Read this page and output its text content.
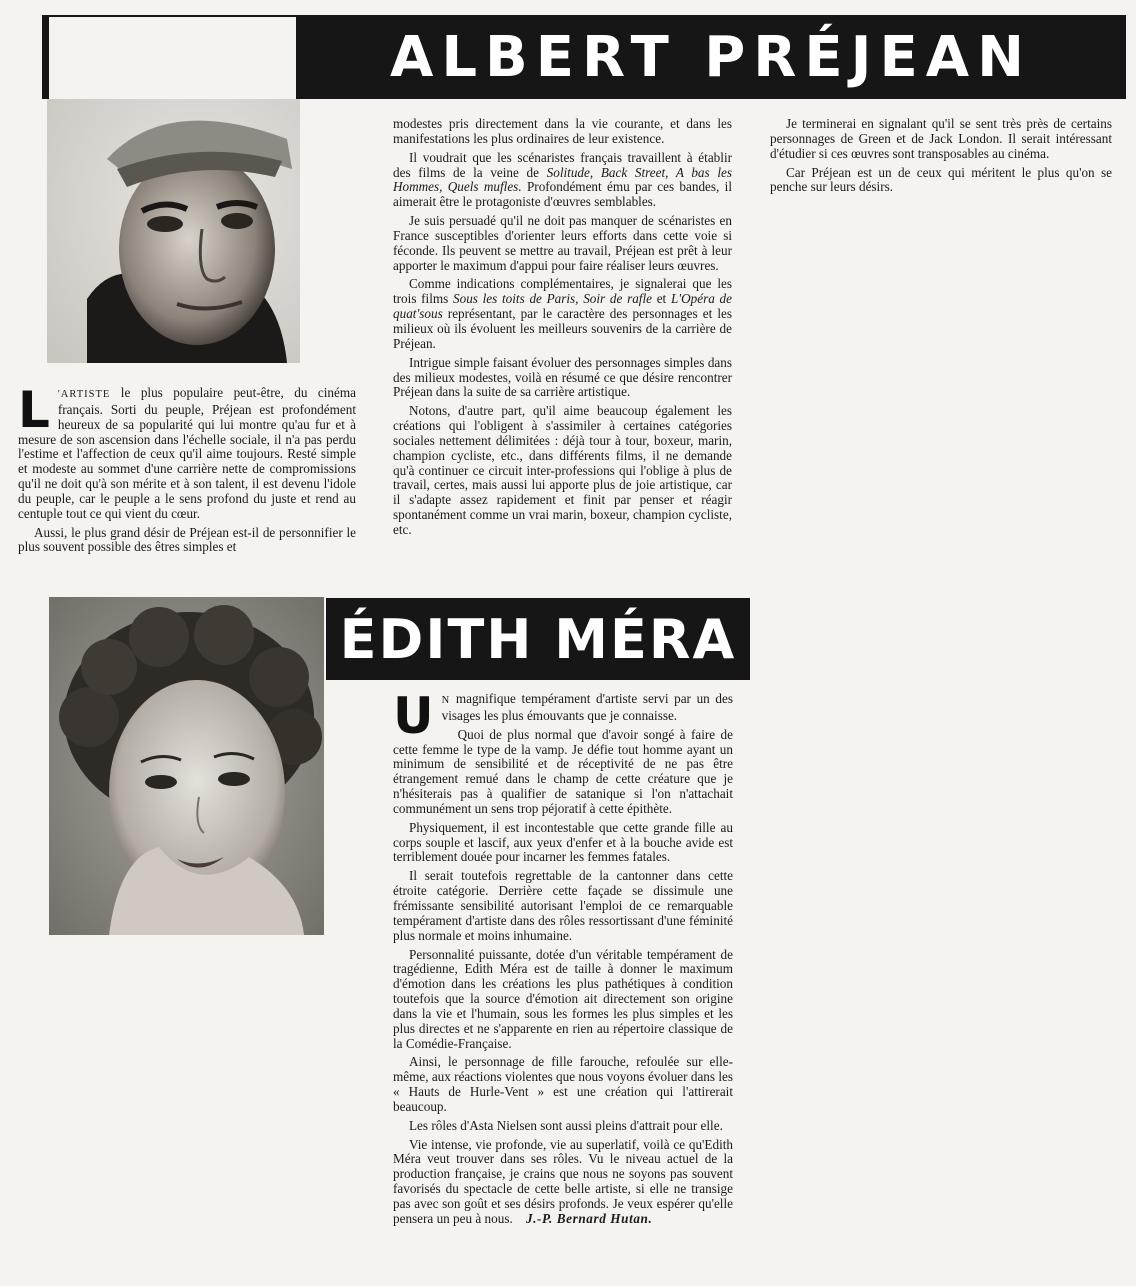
ALBERT PRÉJEAN

L 'ARTISTE le plus populaire peut-être, du cinéma français. Sorti du peuple, Préjean est profondément heureux de sa popularité qui lui montre qu'au fur et à mesure de son ascension dans l'échelle sociale, il n'a pas perdu l'estime et l'affection de ceux qu'il aime toujours. Resté simple et modeste au sommet d'une carrière nette de compromissions qu'il ne doit qu'à son mérite et à son talent, il est devenu l'idole du peuple, car le peuple a le sens profond du juste et rend au centuple tout ce qui vient du cœur.

Aussi, le plus grand désir de Préjean est-il de personnifier le plus souvent possible des êtres simples et

modestes pris directement dans la vie courante, et dans les manifestations les plus ordinaires de leur existence.

Il voudrait que les scénaristes français travaillent à établir des films de la veine de Solitude, Back Street, A bas les Hommes, Quels mufles. Profondément ému par ces bandes, il aimerait être le protagoniste d'œuvres semblables.

Je suis persuadé qu'il ne doit pas manquer de scénaristes en France susceptibles d'orienter leurs efforts dans cette voie si féconde. Ils peuvent se mettre au travail, Préjean est prêt à leur apporter le maximum d'appui pour faire réaliser leurs œuvres.

Comme indications complémentaires, je signalerai que les trois films Sous les toits de Paris, Soir de rafle et L'Opéra de quat'sous représentant, par le caractère des personnages et les milieux où ils évoluent les meilleurs souvenirs de la carrière de Préjean.

Intrigue simple faisant évoluer des personnages simples dans des milieux modestes, voilà en résumé ce que désire rencontrer Préjean dans la suite de sa carrière artistique.

Notons, d'autre part, qu'il aime beaucoup également les créations qui l'obligent à s'assimiler à certaines catégories sociales nettement délimitées : déjà tour à tour, boxeur, marin, champion cycliste, etc., dans différents films, il ne demande qu'à continuer ce circuit inter-professions qui l'oblige à plus de travail, certes, mais aussi lui apporte plus de joie artistique, car il s'adapte assez rapidement et finit par penser et réagir spontanément comme un vrai marin, boxeur, champion cycliste, etc.

Je terminerai en signalant qu'il se sent très près de certains personnages de Green et de Jack London. Il serait intéressant d'étudier si ces œuvres sont transposables au cinéma.

Car Préjean est un de ceux qui méritent le plus qu'on se penche sur leurs désirs.

ÉDITH MÉRA

U N magnifique tempérament d'artiste servi par un des visages les plus émouvants que je connaisse.

Quoi de plus normal que d'avoir songé à faire de cette femme le type de la vamp. Je défie tout homme ayant un minimum de sensibilité et de réceptivité de ne pas être étrangement remué dans le champ de cette créature que je n'hésiterais pas à qualifier de satanique si l'on n'attachait communément un sens trop péjoratif à cette épithète.

Physiquement, il est incontestable que cette grande fille au corps souple et lascif, aux yeux d'enfer et à la bouche avide est terriblement douée pour incarner les femmes fatales.

Il serait toutefois regrettable de la cantonner dans cette étroite catégorie. Derrière cette façade se dissimule une frémissante sensibilité autorisant l'emploi de ce remarquable tempérament d'artiste dans des rôles ressortissant d'une féminité plus normale et moins inhumaine.

Personnalité puissante, dotée d'un véritable tempérament de tragédienne, Edith Méra est de taille à donner le maximum d'émotion dans les créations les plus pathétiques à condition toutefois que la source d'émotion ait directement son origine dans la vie et l'humain, sous les formes les plus simples et les plus directes et ne s'apparente en rien au répertoire classique de la Comédie-Française.

Ainsi, le personnage de fille farouche, refoulée sur elle-même, aux réactions violentes que nous voyons évoluer dans les « Hauts de Hurle-Vent » est une création qui l'attirerait beaucoup.

Les rôles d'Asta Nielsen sont aussi pleins d'attrait pour elle.

Vie intense, vie profonde, vie au superlatif, voilà ce qu'Edith Méra veut trouver dans ses rôles. Vu le niveau actuel de la production française, je crains que nous ne soyons pas souvent favorisés du spectacle de cette belle artiste, si elle ne transige pas avec son goût et ses désirs profonds. Je veux espérer qu'elle pensera un peu à nous. J.-P. Bernard Hutan.
